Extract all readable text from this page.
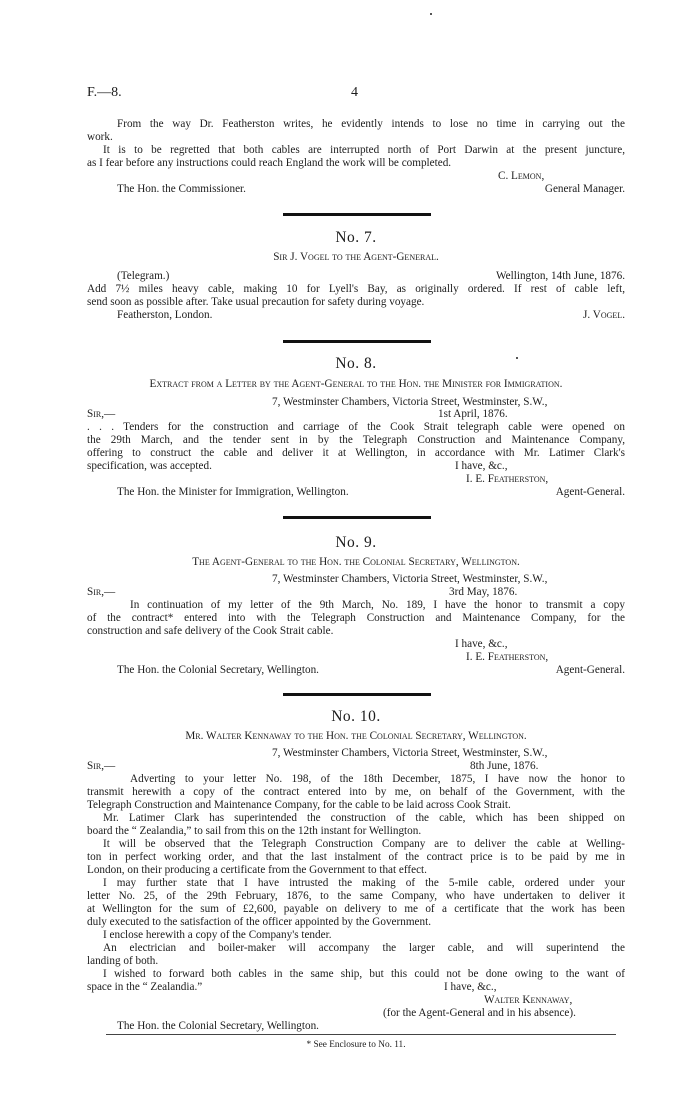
F.—8.	4
From the way Dr. Featherston writes, he evidently intends to lose no time in carrying out the
work.
It is to be regretted that both cables are interrupted north of Port Darwin at the present juncture,
as I fear before any instructions could reach England the work will be completed.
C. Lemon,
The Hon. the Commissioner.	General Manager.
No. 7.
Sir J. Vogel to the Agent-General.
(Telegram.)	Wellington, 14th June, 1876.
Add 7½ miles heavy cable, making 10 for Lyell's Bay, as originally ordered. If rest of cable left,
send soon as possible after. Take usual precaution for safety during voyage.
Featherston, London.	J. Vogel.
No. 8.
Extract from a Letter by the Agent-General to the Hon. the Minister for Immigration.
7, Westminster Chambers, Victoria Street, Westminster, S.W.,
Sir,—	1st April, 1876.
. . . Tenders for the construction and carriage of the Cook Strait telegraph cable were opened on
the 29th March, and the tender sent in by the Telegraph Construction and Maintenance Company,
offering to construct the cable and deliver it at Wellington, in accordance with Mr. Latimer Clark's
specification, was accepted.	I have, &c.,
I. E. Featherston,
The Hon. the Minister for Immigration, Wellington.	Agent-General.
No. 9.
The Agent-General to the Hon. the Colonial Secretary, Wellington.
7, Westminster Chambers, Victoria Street, Westminster, S.W.,
Sir,—	3rd May, 1876.
In continuation of my letter of the 9th March, No. 189, I have the honor to transmit a copy
of the contract* entered into with the Telegraph Construction and Maintenance Company, for the
construction and safe delivery of the Cook Strait cable.
I have, &c.,
I. E. Featherston,
The Hon. the Colonial Secretary, Wellington.	Agent-General.
No. 10.
Mr. Walter Kennaway to the Hon. the Colonial Secretary, Wellington.
7, Westminster Chambers, Victoria Street, Westminster, S.W.,
Sir,—	8th June, 1876.
Adverting to your letter No. 198, of the 18th December, 1875, I have now the honor to
transmit herewith a copy of the contract entered into by me, on behalf of the Government, with the
Telegraph Construction and Maintenance Company, for the cable to be laid across Cook Strait.
Mr. Latimer Clark has superintended the construction of the cable, which has been shipped on
board the “ Zealandia,” to sail from this on the 12th instant for Wellington.
It will be observed that the Telegraph Construction Company are to deliver the cable at Welling-
ton in perfect working order, and that the last instalment of the contract price is to be paid by me in
London, on their producing a certificate from the Government to that effect.
I may further state that I have intrusted the making of the 5-mile cable, ordered under your
letter No. 25, of the 29th February, 1876, to the same Company, who have undertaken to deliver it
at Wellington for the sum of £2,600, payable on delivery to me of a certificate that the work has been
duly executed to the satisfaction of the officer appointed by the Government.
I enclose herewith a copy of the Company's tender.
An electrician and boiler-maker will accompany the larger cable, and will superintend the
landing of both.
I wished to forward both cables in the same ship, but this could not be done owing to the want of
space in the “ Zealandia.”	I have, &c.,
Walter Kennaway,
(for the Agent-General and in his absence).
The Hon. the Colonial Secretary, Wellington.
* See Enclosure to No. 11.
